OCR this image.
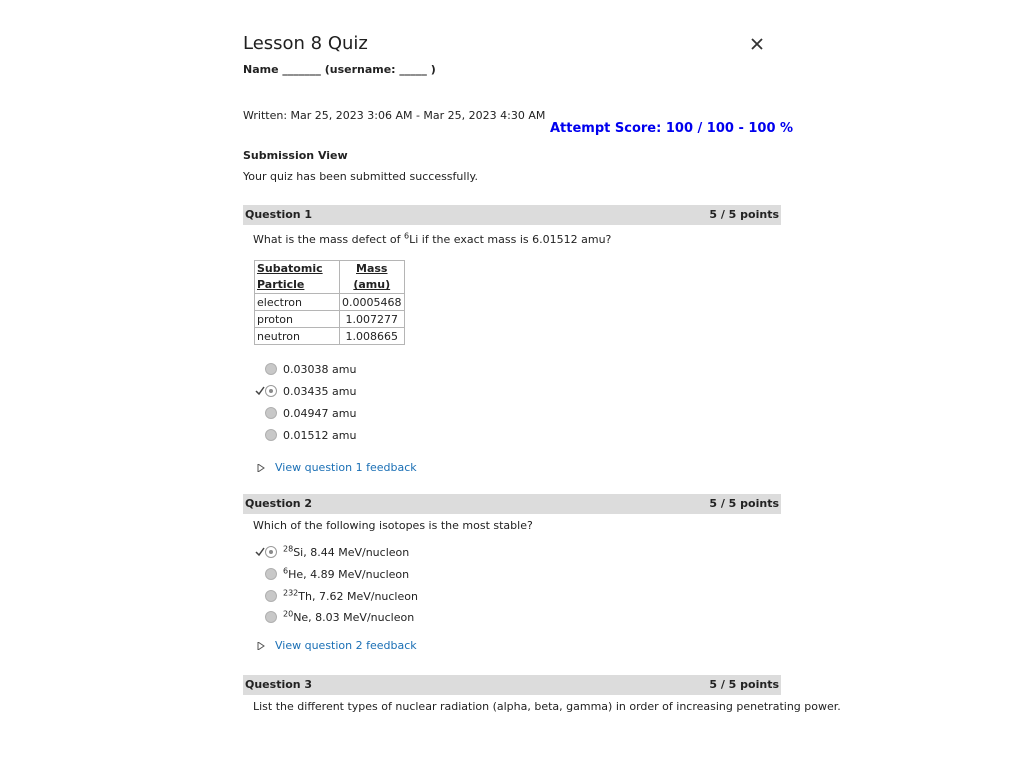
Lesson 8 Quiz
Name _______ (username: _____ )
Written: Mar 25, 2023 3:06 AM - Mar 25, 2023 4:30 AM
Attempt Score: 100 / 100 - 100 %
Submission View
Your quiz has been submitted successfully.
Question 1	5 / 5 points
What is the mass defect of $^6$Li if the exact mass is 6.01512 amu?
Subatomic Particle	Mass (amu)
electron	0.0005468
proton	1.007277
neutron	1.008665
0.03038 amu
0.03435 amu
0.04947 amu
0.01512 amu
View question 1 feedback
Question 2	5 / 5 points
Which of the following isotopes is the most stable?
$^{28}$Si, 8.44 MeV/nucleon
$^6$He, 4.89 MeV/nucleon
$^{232}$Th, 7.62 MeV/nucleon
$^{20}$Ne, 8.03 MeV/nucleon
View question 2 feedback
Question 3	5 / 5 points
List the different types of nuclear radiation (alpha, beta, gamma) in order of increasing penetrating power.
